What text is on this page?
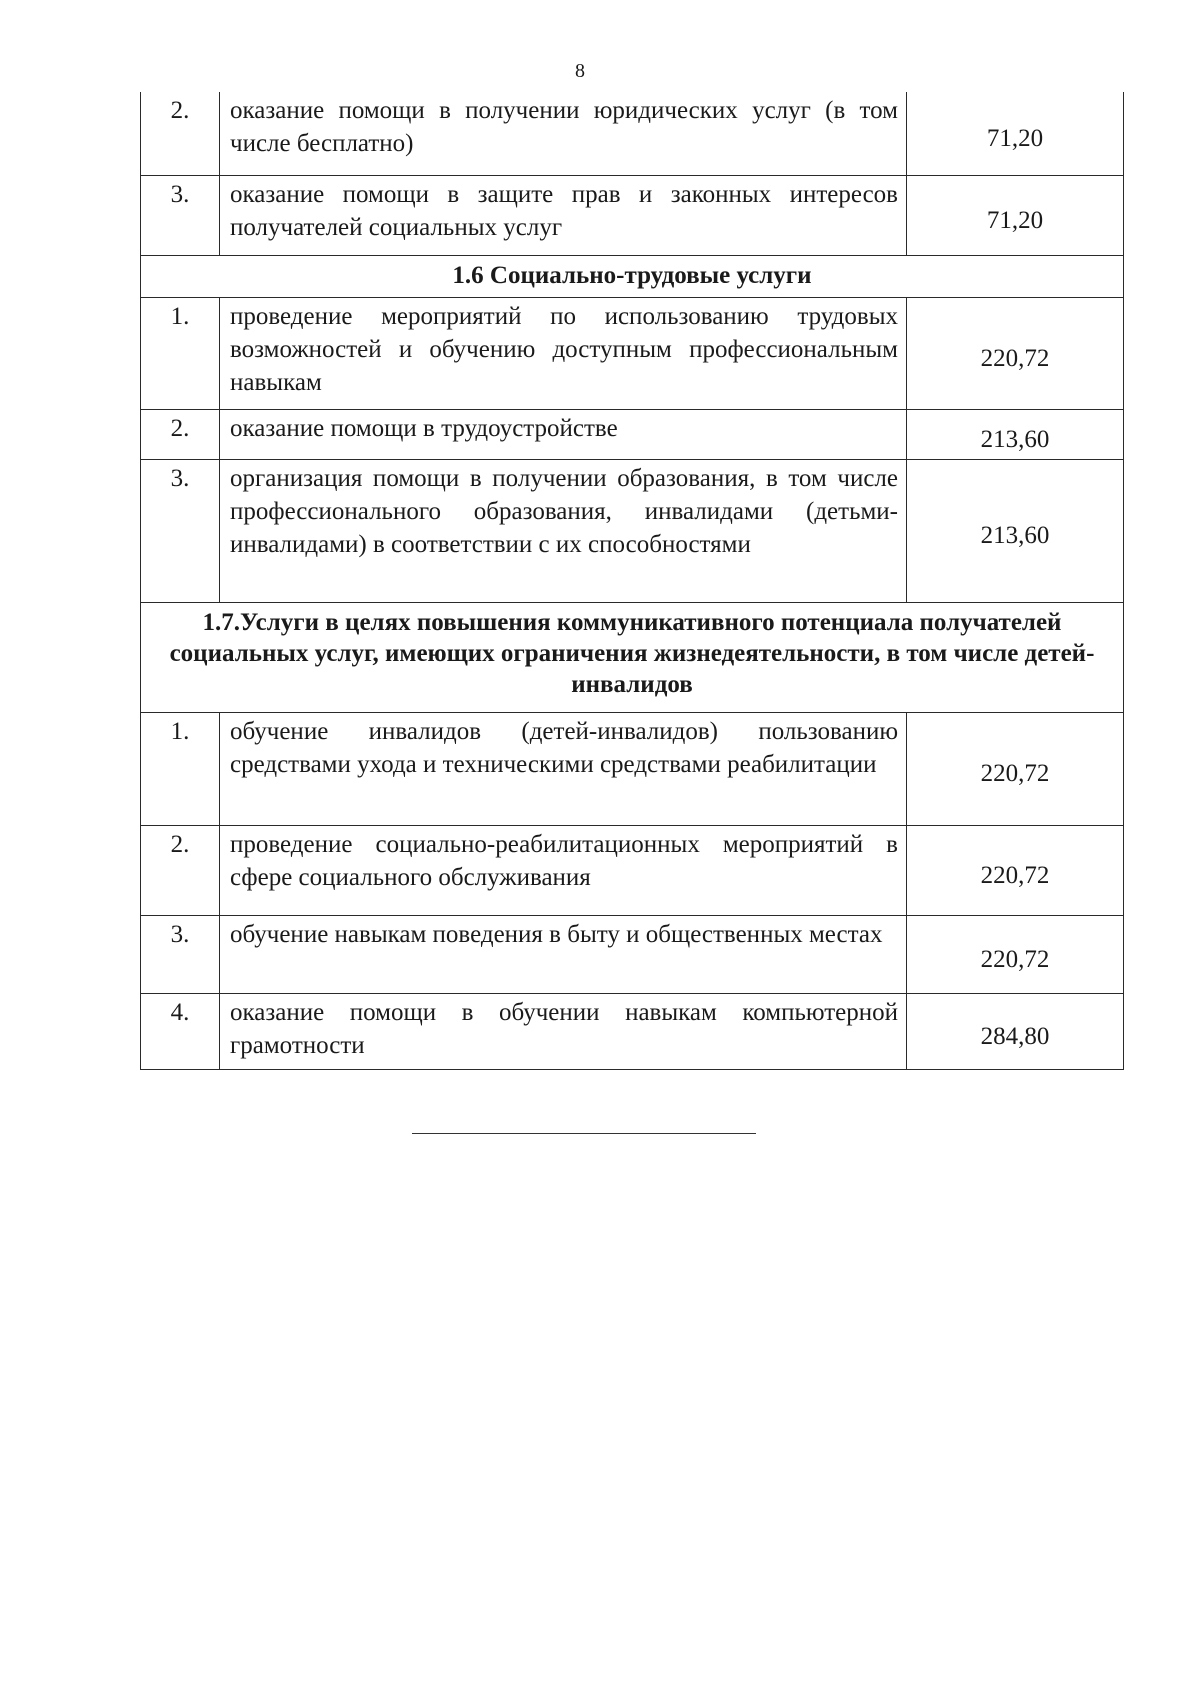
8
2.	оказание помощи в получении юридических услуг (в том числе бесплатно)	71,20
3.	оказание помощи в защите прав и законных интересов получателей социальных услуг	71,20
1.6 Социально-трудовые услуги		
1.	проведение мероприятий по использованию трудовых возможностей и обучению доступным профессиональным навыкам	220,72
2.	оказание помощи в трудоустройстве	213,60
3.	организация помощи в получении образования, в том числе профессионального образования, инвалидами (детьми-инвалидами) в соответствии с их способностями	213,60
1.7.Услуги в целях повышения коммуникативного потенциала получателей социальных услуг, имеющих ограничения жизнедеятельности, в том числе детей-инвалидов		
1.	обучение инвалидов (детей-инвалидов) пользованию средствами ухода и техническими средствами реабилитации	220,72
2.	проведение социально-реабилитационных мероприятий в сфере социального обслуживания	220,72
3.	обучение навыкам поведения в быту и общественных местах	220,72
4.	оказание помощи в обучении навыкам компьютерной грамотности	284,80
